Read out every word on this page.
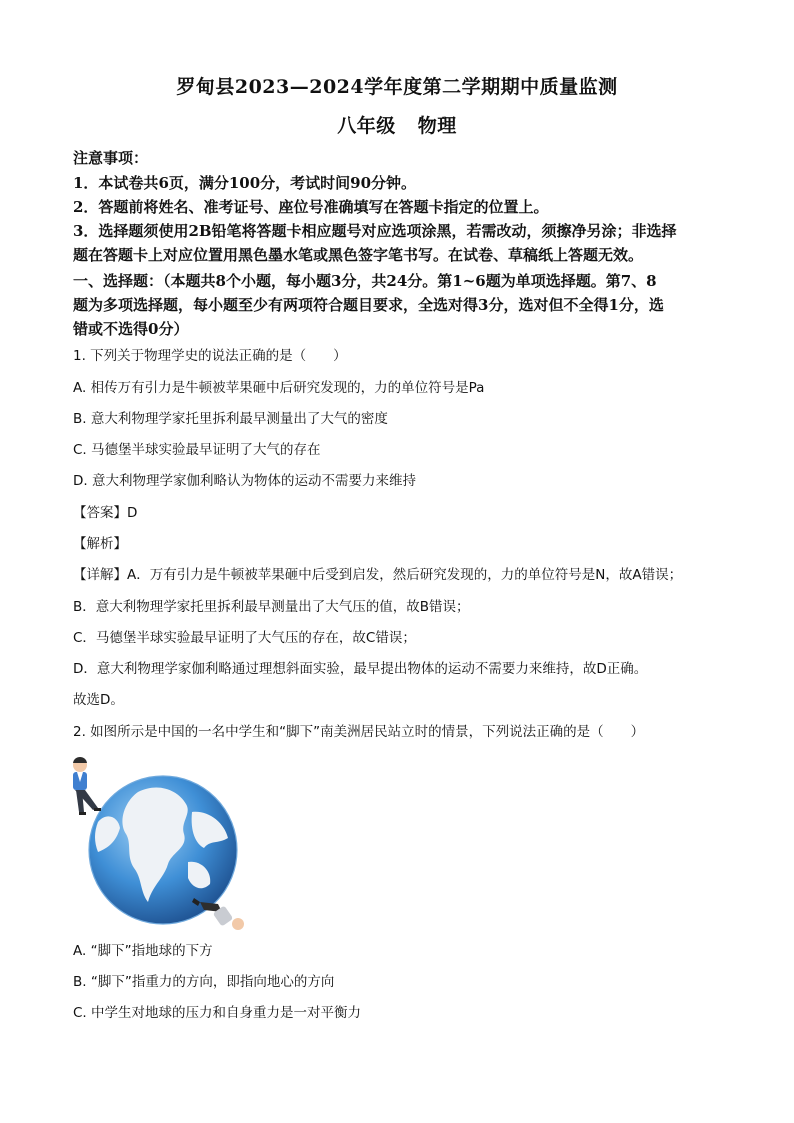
罗甸县2023—2024学年度第二学期期中质量监测
八年级 物理
注意事项：
1．本试卷共6页，满分100分，考试时间90分钟。
2．答题前将姓名、准考证号、座位号准确填写在答题卡指定的位置上。
3．选择题须使用2B铅笔将答题卡相应题号对应选项涂黑，若需改动，须擦净另涂；非选择
题在答题卡上对应位置用黑色墨水笔或黑色签字笔书写。在试卷、草稿纸上答题无效。
一、选择题：（本题共8个小题，每小题3分，共24分。第1~6题为单项选择题。第7、8
题为多项选择题，每小题至少有两项符合题目要求，全选对得3分，选对但不全得1分，选
错或不选得0分）
1. 下列关于物理学史的说法正确的是（　　）
A. 相传万有引力是牛顿被苹果砸中后研究发现的，力的单位符号是Pa
B. 意大利物理学家托里拆利最早测量出了大气的密度
C. 马德堡半球实验最早证明了大气的存在
D. 意大利物理学家伽利略认为物体的运动不需要力来维持
【答案】D
【解析】
【详解】A．万有引力是牛顿被苹果砸中后受到启发，然后研究发现的，力的单位符号是N，故A错误；
B．意大利物理学家托里拆利最早测量出了大气压的值，故B错误；
C．马德堡半球实验最早证明了大气压的存在，故C错误；
D．意大利物理学家伽利略通过理想斜面实验，最早提出物体的运动不需要力来维持，故D正确。
故选D。
2. 如图所示是中国的一名中学生和“脚下”南美洲居民站立时的情景，下列说法正确的是（　　）
A. “脚下”指地球的下方
B. “脚下”指重力的方向，即指向地心的方向
C. 中学生对地球的压力和自身重力是一对平衡力
